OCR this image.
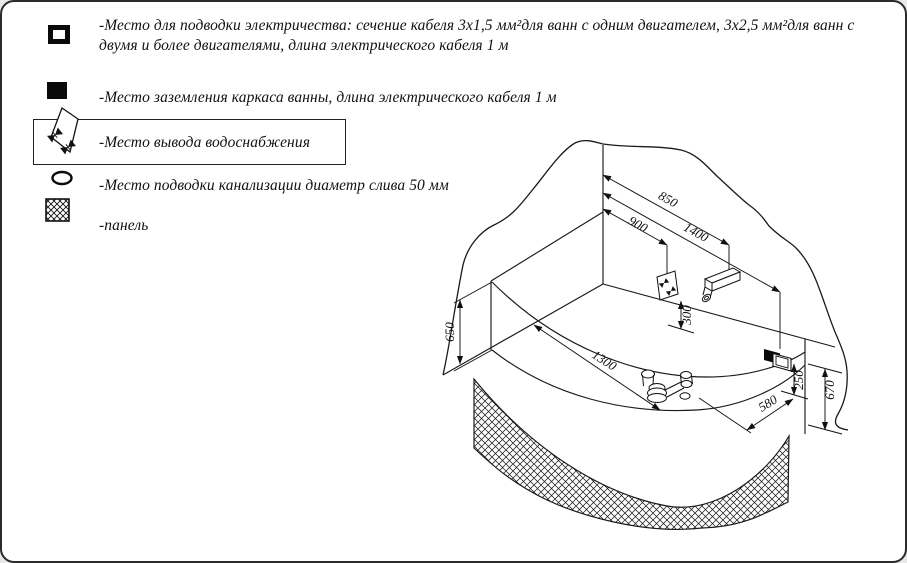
-Место для подводки электричества: сечение кабеля 3х1,5 мм²для ванн с одним двигателем, 3х2,5 мм²для ванн с двумя и более двигателями, длина электрического кабеля 1 м
-Место заземления каркаса ванны, длина электрического кабеля 1 м
-Место вывода водоснабжения
-Место подводки канализации диаметр слива 50 мм
-панель
850
1400
900
650
300
1300
580
250
670
